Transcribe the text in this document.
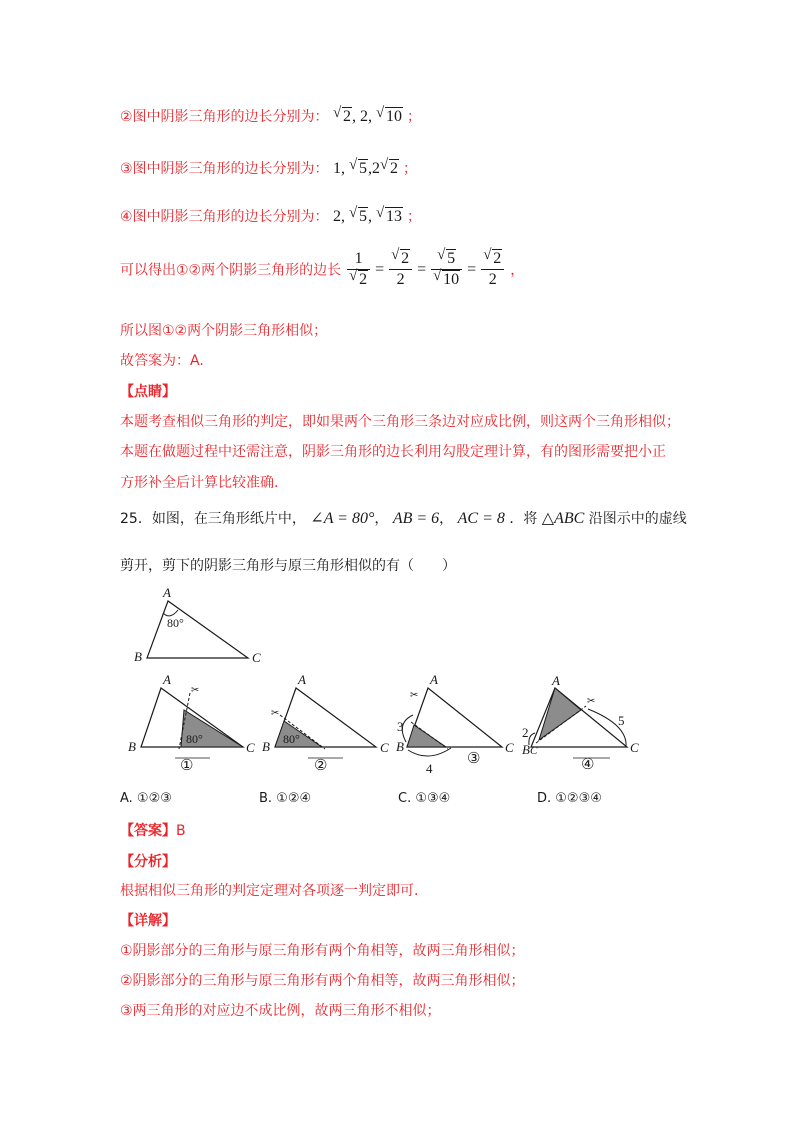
②图中阴影三角形的边长分别为： √ 2, 2, √ 10 ；
③图中阴影三角形的边长分别为： 1, √ 5,2 √ 2 ；
④图中阴影三角形的边长分别为： 2, √ 5, √ 13 ；
可以得出①②两个阴影三角形的边长 $\frac{1}{√ 2} = \frac{√ 2}{2} = \frac{√ 5}{√ 10} = \frac{√ 2}{2}$ ，
所以图①②两个阴影三角形相似；
故答案为：A.
【点睛】
本题考查相似三角形的判定，即如果两个三角形三条边对应成比例，则这两个三角形相似；
本题在做题过程中还需注意，阴影三角形的边长利用勾股定理计算，有的图形需要把小正
方形补全后计算比较准确.
25．如图，在三角形纸片中， ∠A = 80°， AB = 6， AC = 8 ．将 △ABC 沿图示中的虚线
剪开，剪下的阴影三角形与原三角形相似的有（　　）
A
B	C
80°
A
B	C
80°
✂
①
A
B	C
80°
✂
②
A
B	C
3
4
✂
③
A
B C	C
2
5
✂
④
A. ①②③	B. ①②④	C. ①③④	D. ①②③④
【答案】B
【分析】
根据相似三角形的判定定理对各项逐一判定即可.
【详解】
①阴影部分的三角形与原三角形有两个角相等，故两三角形相似；
②阴影部分的三角形与原三角形有两个角相等，故两三角形相似；
③两三角形的对应边不成比例，故两三角形不相似；
